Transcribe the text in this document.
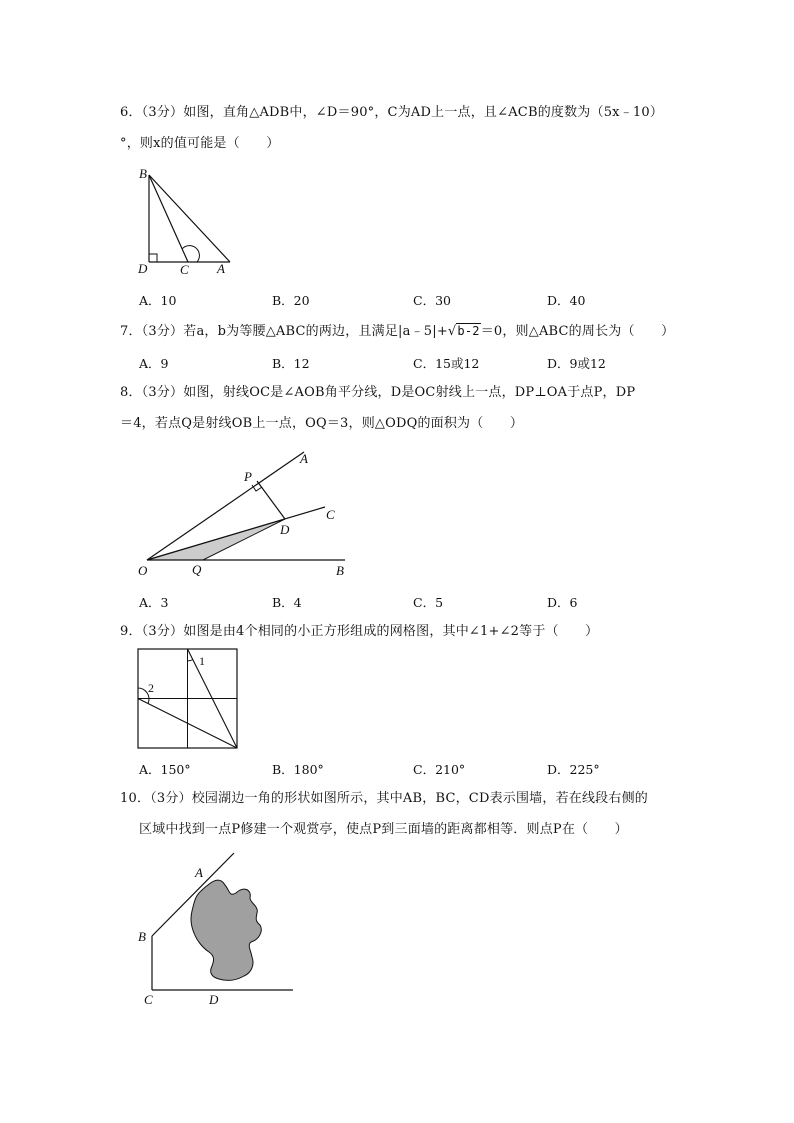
6．（3分）如图，直角△ADB中，∠D＝90°，C为AD上一点，且∠ACB的度数为（5x﹣10）
°，则x的值可能是（　　）
B
D	C A
A．10	B．20	C．30	D．40
7．（3分）若a，b为等腰△ABC的两边，且满足|a﹣5|+√b-2＝0，则△ABC的周长为（　　）
A．9	B．12	C．15或12	D．9或12
8．（3分）如图，射线OC是∠AOB角平分线，D是OC射线上一点，DP⊥OA于点P，DP
＝4，若点Q是射线OB上一点，OQ＝3，则△ODQ的面积为（　　）
A
P
C
D
O	Q	B
A．3	B．4	C．5	D．6
9．（3分）如图是由4个相同的小正方形组成的网格图，其中∠1+∠2等于（　　）
1
2
A．150°	B．180°	C．210°	D．225°
10．（3分）校园湖边一角的形状如图所示，其中AB，BC，CD表示围墙，若在线段右侧的
区域中找到一点P修建一个观赏亭，使点P到三面墙的距离都相等．则点P在（　　）
A
B
C	D
